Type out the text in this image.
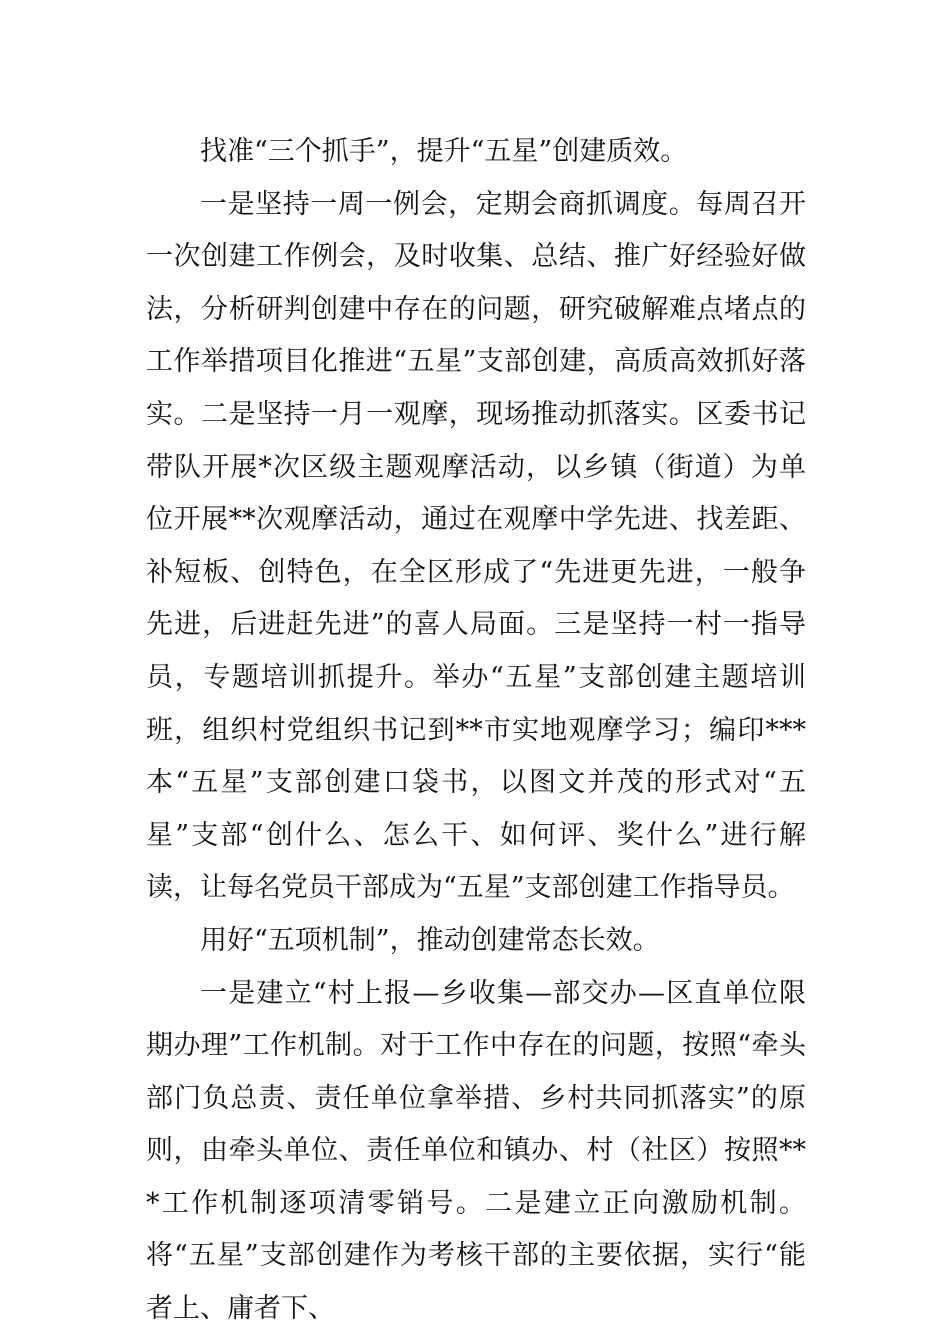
找准“三个抓手”，提升“五星”创建质效。

一是坚持一周一例会，定期会商抓调度。每周召开一次创建工作例会，及时收集、总结、推广好经验好做法，分析研判创建中存在的问题，研究破解难点堵点的工作举措项目化推进“五星”支部创建，高质高效抓好落实。二是坚持一月一观摩，现场推动抓落实。区委书记带队开展*次区级主题观摩活动，以乡镇（街道）为单位开展**次观摩活动，通过在观摩中学先进、找差距、补短板、创特色，在全区形成了“先进更先进，一般争先进，后进赶先进”的喜人局面。三是坚持一村一指导员，专题培训抓提升。举办“五星”支部创建主题培训班，组织村党组织书记到**市实地观摩学习；编印***本“五星”支部创建口袋书，以图文并茂的形式对“五星”支部“创什么、怎么干、如何评、奖什么”进行解读，让每名党员干部成为“五星”支部创建工作指导员。

用好“五项机制”，推动创建常态长效。

一是建立“村上报—乡收集—部交办—区直单位限期办理”工作机制。对于工作中存在的问题，按照“牵头部门负总责、责任单位拿举措、乡村共同抓落实”的原则，由牵头单位、责任单位和镇办、村（社区）按照***工作机制逐项清零销号。二是建立正向激励机制。将“五星”支部创建作为考核干部的主要依据，实行“能者上、庸者下、
